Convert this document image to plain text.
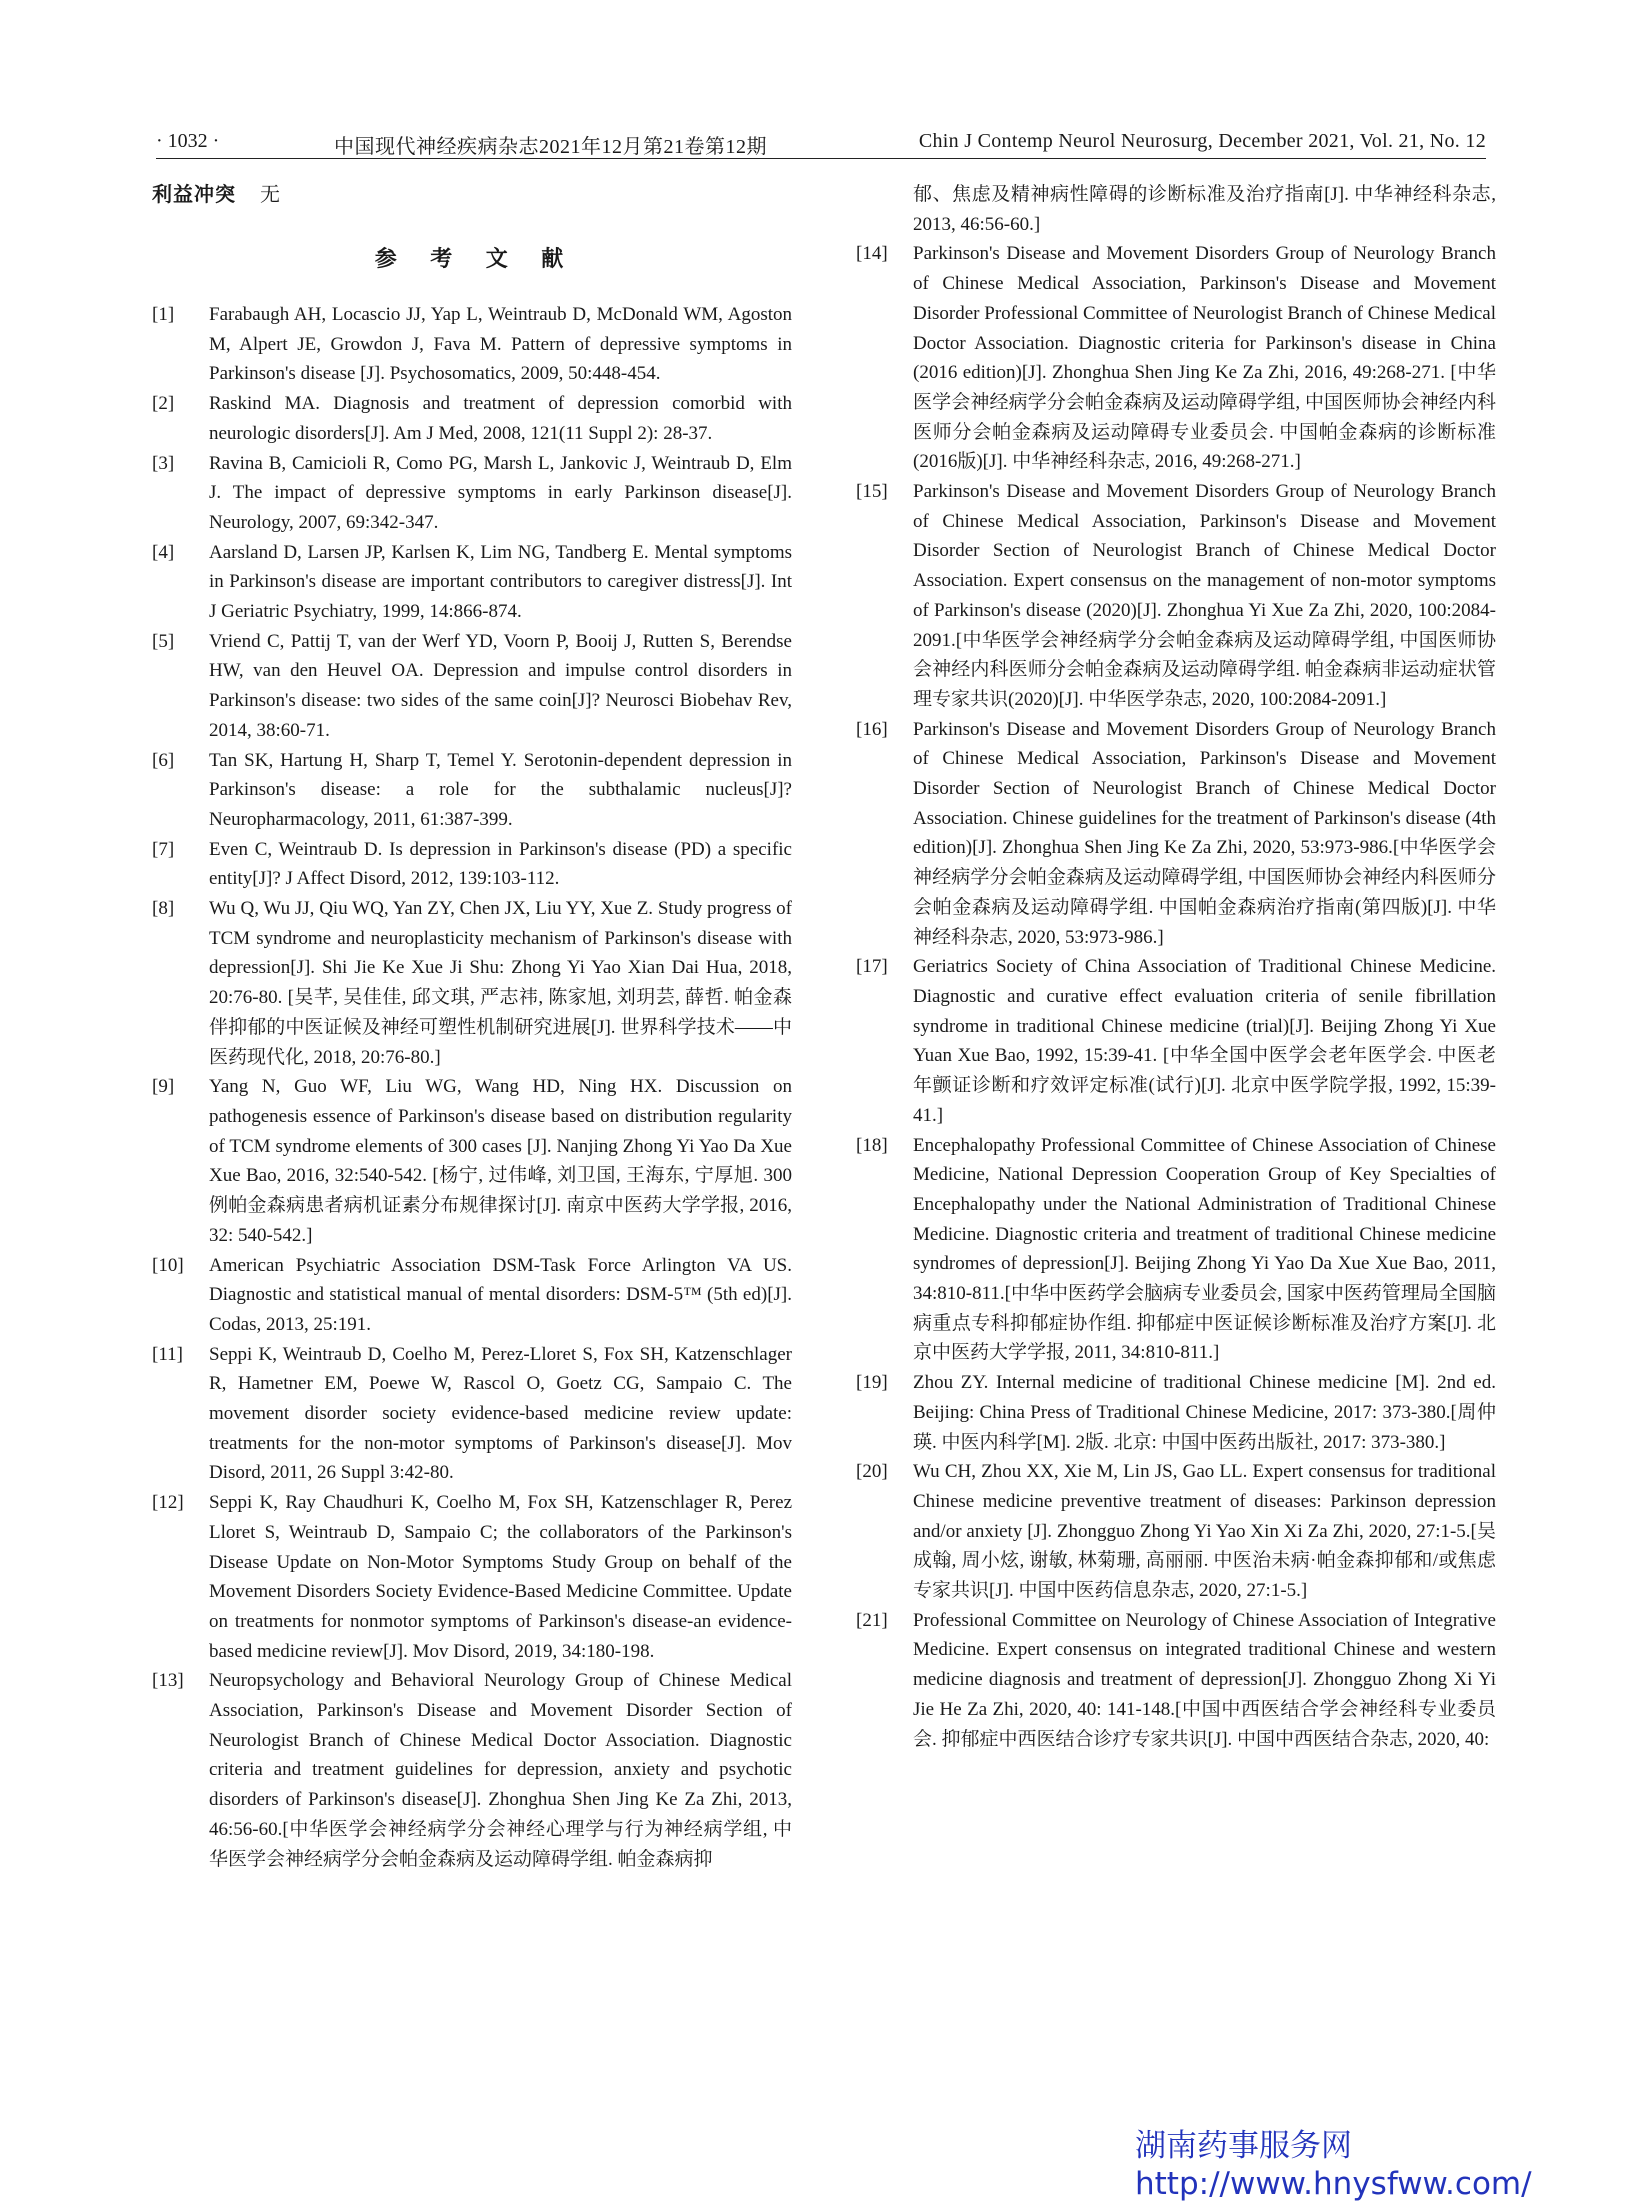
· 1032 ·	中国现代神经疾病杂志2021年12月第21卷第12期	Chin J Contemp Neurol Neurosurg, December 2021, Vol. 21, No. 12
利益冲突 无
参 考 文 献
[1] Farabaugh AH, Locascio JJ, Yap L, Weintraub D, McDonald WM, Agoston M, Alpert JE, Growdon J, Fava M. Pattern of depressive symptoms in Parkinson's disease [J]. Psychosomatics, 2009, 50:448-454.
[2] Raskind MA. Diagnosis and treatment of depression comorbid with neurologic disorders[J]. Am J Med, 2008, 121(11 Suppl 2): 28-37.
[3] Ravina B, Camicioli R, Como PG, Marsh L, Jankovic J, Weintraub D, Elm J. The impact of depressive symptoms in early Parkinson disease[J]. Neurology, 2007, 69:342-347.
[4] Aarsland D, Larsen JP, Karlsen K, Lim NG, Tandberg E. Mental symptoms in Parkinson's disease are important contributors to caregiver distress[J]. Int J Geriatric Psychiatry, 1999, 14:866-874.
[5] Vriend C, Pattij T, van der Werf YD, Voorn P, Booij J, Rutten S, Berendse HW, van den Heuvel OA. Depression and impulse control disorders in Parkinson's disease: two sides of the same coin[J]? Neurosci Biobehav Rev, 2014, 38:60-71.
[6] Tan SK, Hartung H, Sharp T, Temel Y. Serotonin-dependent depression in Parkinson's disease: a role for the subthalamic nucleus[J]? Neuropharmacology, 2011, 61:387-399.
[7] Even C, Weintraub D. Is depression in Parkinson's disease (PD) a specific entity[J]? J Affect Disord, 2012, 139:103-112.
[8] Wu Q, Wu JJ, Qiu WQ, Yan ZY, Chen JX, Liu YY, Xue Z. Study progress of TCM syndrome and neuroplasticity mechanism of Parkinson's disease with depression[J]. Shi Jie Ke Xue Ji Shu: Zhong Yi Yao Xian Dai Hua, 2018, 20:76-80. [吴芊, 吴佳佳, 邱文琪, 严志祎, 陈家旭, 刘玥芸, 薛哲. 帕金森伴抑郁的中医证候及神经可塑性机制研究进展[J]. 世界科学技术——中医药现代化, 2018, 20:76-80.]
[9] Yang N, Guo WF, Liu WG, Wang HD, Ning HX. Discussion on pathogenesis essence of Parkinson's disease based on distribution regularity of TCM syndrome elements of 300 cases [J]. Nanjing Zhong Yi Yao Da Xue Xue Bao, 2016, 32:540-542. [杨宁, 过伟峰, 刘卫国, 王海东, 宁厚旭. 300例帕金森病患者病机证素分布规律探讨[J]. 南京中医药大学学报, 2016, 32: 540-542.]
[10] American Psychiatric Association DSM-Task Force Arlington VA US. Diagnostic and statistical manual of mental disorders: DSM-5™ (5th ed)[J]. Codas, 2013, 25:191.
[11] Seppi K, Weintraub D, Coelho M, Perez-Lloret S, Fox SH, Katzenschlager R, Hametner EM, Poewe W, Rascol O, Goetz CG, Sampaio C. The movement disorder society evidence-based medicine review update: treatments for the non-motor symptoms of Parkinson's disease[J]. Mov Disord, 2011, 26 Suppl 3:42-80.
[12] Seppi K, Ray Chaudhuri K, Coelho M, Fox SH, Katzenschlager R, Perez Lloret S, Weintraub D, Sampaio C; the collaborators of the Parkinson's Disease Update on Non-Motor Symptoms Study Group on behalf of the Movement Disorders Society Evidence-Based Medicine Committee. Update on treatments for nonmotor symptoms of Parkinson's disease-an evidence-based medicine review[J]. Mov Disord, 2019, 34:180-198.
[13] Neuropsychology and Behavioral Neurology Group of Chinese Medical Association, Parkinson's Disease and Movement Disorder Section of Neurologist Branch of Chinese Medical Doctor Association. Diagnostic criteria and treatment guidelines for depression, anxiety and psychotic disorders of Parkinson's disease[J]. Zhonghua Shen Jing Ke Za Zhi, 2013, 46:56-60.[中华医学会神经病学分会神经心理学与行为神经病学组, 中华医学会神经病学分会帕金森病及运动障碍学组. 帕金森病抑
郁、焦虑及精神病性障碍的诊断标准及治疗指南[J]. 中华神经科杂志, 2013, 46:56-60.]
[14] Parkinson's Disease and Movement Disorders Group of Neurology Branch of Chinese Medical Association, Parkinson's Disease and Movement Disorder Professional Committee of Neurologist Branch of Chinese Medical Doctor Association. Diagnostic criteria for Parkinson's disease in China (2016 edition)[J]. Zhonghua Shen Jing Ke Za Zhi, 2016, 49:268-271. [中华医学会神经病学分会帕金森病及运动障碍学组, 中国医师协会神经内科医师分会帕金森病及运动障碍专业委员会. 中国帕金森病的诊断标准(2016版)[J]. 中华神经科杂志, 2016, 49:268-271.]
[15] Parkinson's Disease and Movement Disorders Group of Neurology Branch of Chinese Medical Association, Parkinson's Disease and Movement Disorder Section of Neurologist Branch of Chinese Medical Doctor Association. Expert consensus on the management of non-motor symptoms of Parkinson's disease (2020)[J]. Zhonghua Yi Xue Za Zhi, 2020, 100:2084-2091.[中华医学会神经病学分会帕金森病及运动障碍学组, 中国医师协会神经内科医师分会帕金森病及运动障碍学组. 帕金森病非运动症状管理专家共识(2020)[J]. 中华医学杂志, 2020, 100:2084-2091.]
[16] Parkinson's Disease and Movement Disorders Group of Neurology Branch of Chinese Medical Association, Parkinson's Disease and Movement Disorder Section of Neurologist Branch of Chinese Medical Doctor Association. Chinese guidelines for the treatment of Parkinson's disease (4th edition)[J]. Zhonghua Shen Jing Ke Za Zhi, 2020, 53:973-986.[中华医学会神经病学分会帕金森病及运动障碍学组, 中国医师协会神经内科医师分会帕金森病及运动障碍学组. 中国帕金森病治疗指南(第四版)[J]. 中华神经科杂志, 2020, 53:973-986.]
[17] Geriatrics Society of China Association of Traditional Chinese Medicine. Diagnostic and curative effect evaluation criteria of senile fibrillation syndrome in traditional Chinese medicine (trial)[J]. Beijing Zhong Yi Xue Yuan Xue Bao, 1992, 15:39-41. [中华全国中医学会老年医学会. 中医老年颤证诊断和疗效评定标准(试行)[J]. 北京中医学院学报, 1992, 15:39-41.]
[18] Encephalopathy Professional Committee of Chinese Association of Chinese Medicine, National Depression Cooperation Group of Key Specialties of Encephalopathy under the National Administration of Traditional Chinese Medicine. Diagnostic criteria and treatment of traditional Chinese medicine syndromes of depression[J]. Beijing Zhong Yi Yao Da Xue Xue Bao, 2011, 34:810-811.[中华中医药学会脑病专业委员会, 国家中医药管理局全国脑病重点专科抑郁症协作组. 抑郁症中医证候诊断标准及治疗方案[J]. 北京中医药大学学报, 2011, 34:810-811.]
[19] Zhou ZY. Internal medicine of traditional Chinese medicine [M]. 2nd ed. Beijing: China Press of Traditional Chinese Medicine, 2017: 373-380.[周仲瑛. 中医内科学[M]. 2版. 北京: 中国中医药出版社, 2017: 373-380.]
[20] Wu CH, Zhou XX, Xie M, Lin JS, Gao LL. Expert consensus for traditional Chinese medicine preventive treatment of diseases: Parkinson depression and/or anxiety [J]. Zhongguo Zhong Yi Yao Xin Xi Za Zhi, 2020, 27:1-5.[吴成翰, 周小炫, 谢敏, 林菊珊, 高丽丽. 中医治未病·帕金森抑郁和/或焦虑专家共识[J]. 中国中医药信息杂志, 2020, 27:1-5.]
[21] Professional Committee on Neurology of Chinese Association of Integrative Medicine. Expert consensus on integrated traditional Chinese and western medicine diagnosis and treatment of depression[J]. Zhongguo Zhong Xi Yi Jie He Za Zhi, 2020, 40: 141-148.[中国中西医结合学会神经科专业委员会. 抑郁症中西医结合诊疗专家共识[J]. 中国中西医结合杂志, 2020, 40:
湖南药事服务网
http://www.hnysfww.com/
